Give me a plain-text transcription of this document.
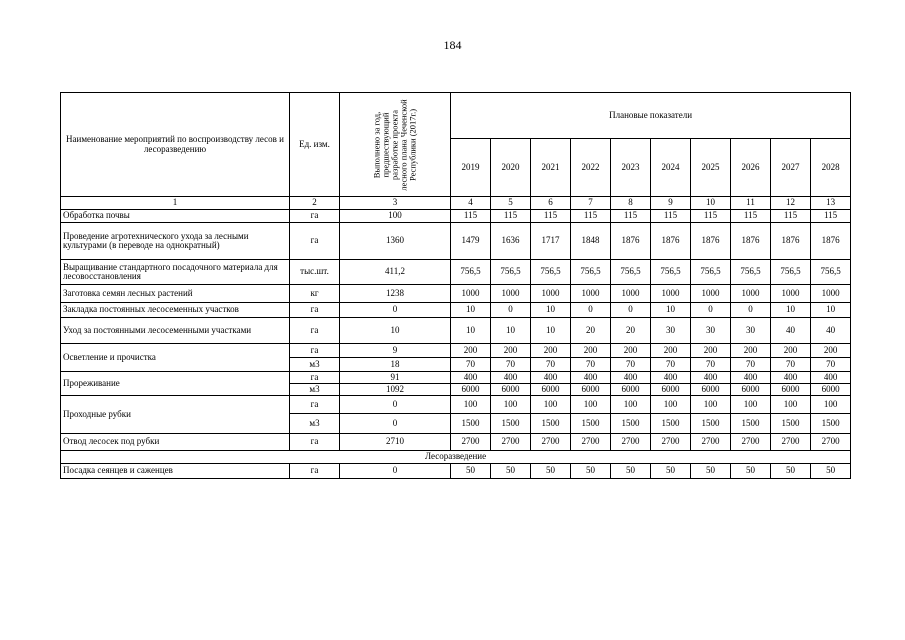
184
Наименование мероприятий по воспроизводству лесов и лесоразведению	Ед. изм.	Выполнено за год, предшествующий разработке проекта лесного плана Чеченской Республики (2017г.)	Плановые показатели									
			2019	2020	2021	2022	2023	2024	2025	2026	2027	2028
1	2	3	4	5	6	7	8	9	10	11	12	13
Обработка почвы	га	100	115	115	115	115	115	115	115	115	115	115
Проведение агротехнического ухода за лесными культурами (в переводе на однократный)	га	1360	1479	1636	1717	1848	1876	1876	1876	1876	1876	1876
Выращивание стандартного посадочного материала для лесовосстановления	тыс.шт.	411,2	756,5	756,5	756,5	756,5	756,5	756,5	756,5	756,5	756,5	756,5
Заготовка семян лесных растений	кг	1238	1000	1000	1000	1000	1000	1000	1000	1000	1000	1000
Закладка постоянных лесосеменных участков	га	0	10	0	10	0	0	10	0	0	10	10
Уход за постоянными лесосеменными участками	га	10	10	10	10	20	20	30	30	30	40	40
Осветление и прочистка	га	9	200	200	200	200	200	200	200	200	200	200
	м3	18	70	70	70	70	70	70	70	70	70	70
Прореживание	га	91	400	400	400	400	400	400	400	400	400	400
	м3	1092	6000	6000	6000	6000	6000	6000	6000	6000	6000	6000
Проходные рубки	га	0	100	100	100	100	100	100	100	100	100	100
	м3	0	1500	1500	1500	1500	1500	1500	1500	1500	1500	1500
Отвод лесосек под рубки	га	2710	2700	2700	2700	2700	2700	2700	2700	2700	2700	2700
Лесоразведение												
Посадка сеянцев и саженцев	га	0	50	50	50	50	50	50	50	50	50	50
